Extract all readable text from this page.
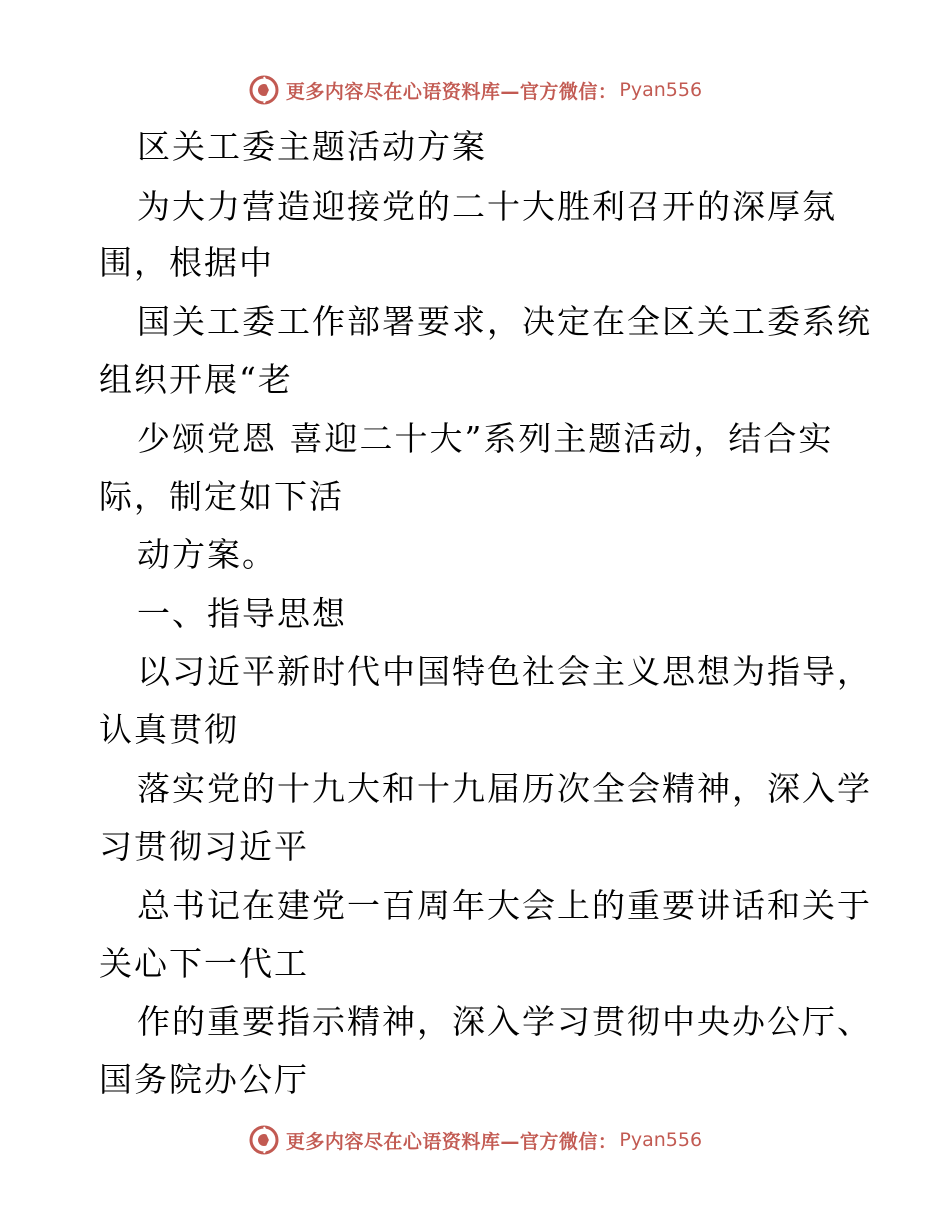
更多内容尽在心语资料库—官方微信： Pyan556
区关工委主题活动方案
为大力营造迎接党的二十大胜利召开的深厚氛
围，根据中
国关工委工作部署要求，决定在全区关工委系统
组织开展“老
少颂党恩 喜迎二十大”系列主题活动，结合实
际，制定如下活
动方案。
一、指导思想
以习近平新时代中国特色社会主义思想为指导，
认真贯彻
落实党的十九大和十九届历次全会精神，深入学
习贯彻习近平
总书记在建党一百周年大会上的重要讲话和关于
关心下一代工
作的重要指示精神，深入学习贯彻中央办公厅、
国务院办公厅
更多内容尽在心语资料库—官方微信： Pyan556
